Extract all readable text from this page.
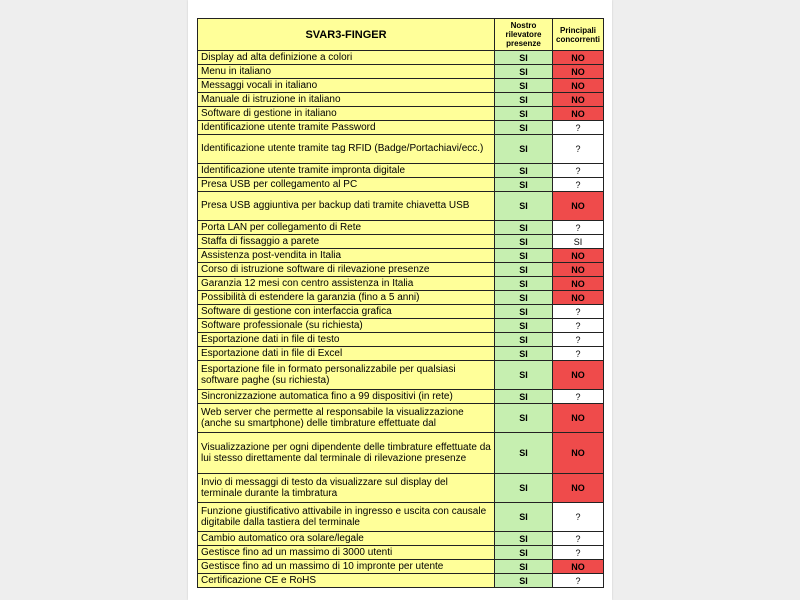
SVAR3-FINGER	Nostro rilevatore presenze	Principali concorrenti
Display ad alta definizione a colori	SI	NO
Menu in italiano	SI	NO
Messaggi vocali in italiano	SI	NO
Manuale di istruzione in italiano	SI	NO
Software di gestione in italiano	SI	NO
Identificazione utente tramite Password	SI	?
Identificazione utente tramite tag RFID (Badge/Portachiavi/ecc.)	SI	?
Identificazione utente tramite impronta digitale	SI	?
Presa USB per collegamento al PC	SI	?
Presa USB aggiuntiva per backup dati tramite chiavetta USB	SI	NO
Porta LAN per collegamento di Rete	SI	?
Staffa di fissaggio a parete	SI	SI
Assistenza post-vendita in Italia	SI	NO
Corso di istruzione software di rilevazione presenze	SI	NO
Garanzia 12 mesi con centro assistenza in Italia	SI	NO
Possibilità di estendere la garanzia (fino a 5 anni)	SI	NO
Software di gestione con interfaccia grafica	SI	?
Software professionale (su richiesta)	SI	?
Esportazione dati in file di testo	SI	?
Esportazione dati in file di Excel	SI	?
Esportazione file in formato personalizzabile per qualsiasi software paghe (su richiesta)	SI	NO
Sincronizzazione automatica fino a 99 dispositivi (in rete)	SI	?
Web server che permette al responsabile la visualizzazione (anche su smartphone) delle timbrature effettuate dal	SI	NO
Visualizzazione per ogni dipendente delle timbrature effettuate da lui stesso direttamente dal terminale di rilevazione presenze	SI	NO
Invio di messaggi di testo da visualizzare sul display del terminale durante la timbratura	SI	NO
Funzione giustificativo attivabile in ingresso e uscita con causale digitabile dalla tastiera del terminale	SI	?
Cambio automatico ora solare/legale	SI	?
Gestisce fino ad un massimo di 3000 utenti	SI	?
Gestisce fino ad un massimo di 10 impronte per utente	SI	NO
Certificazione CE e RoHS	SI	?
